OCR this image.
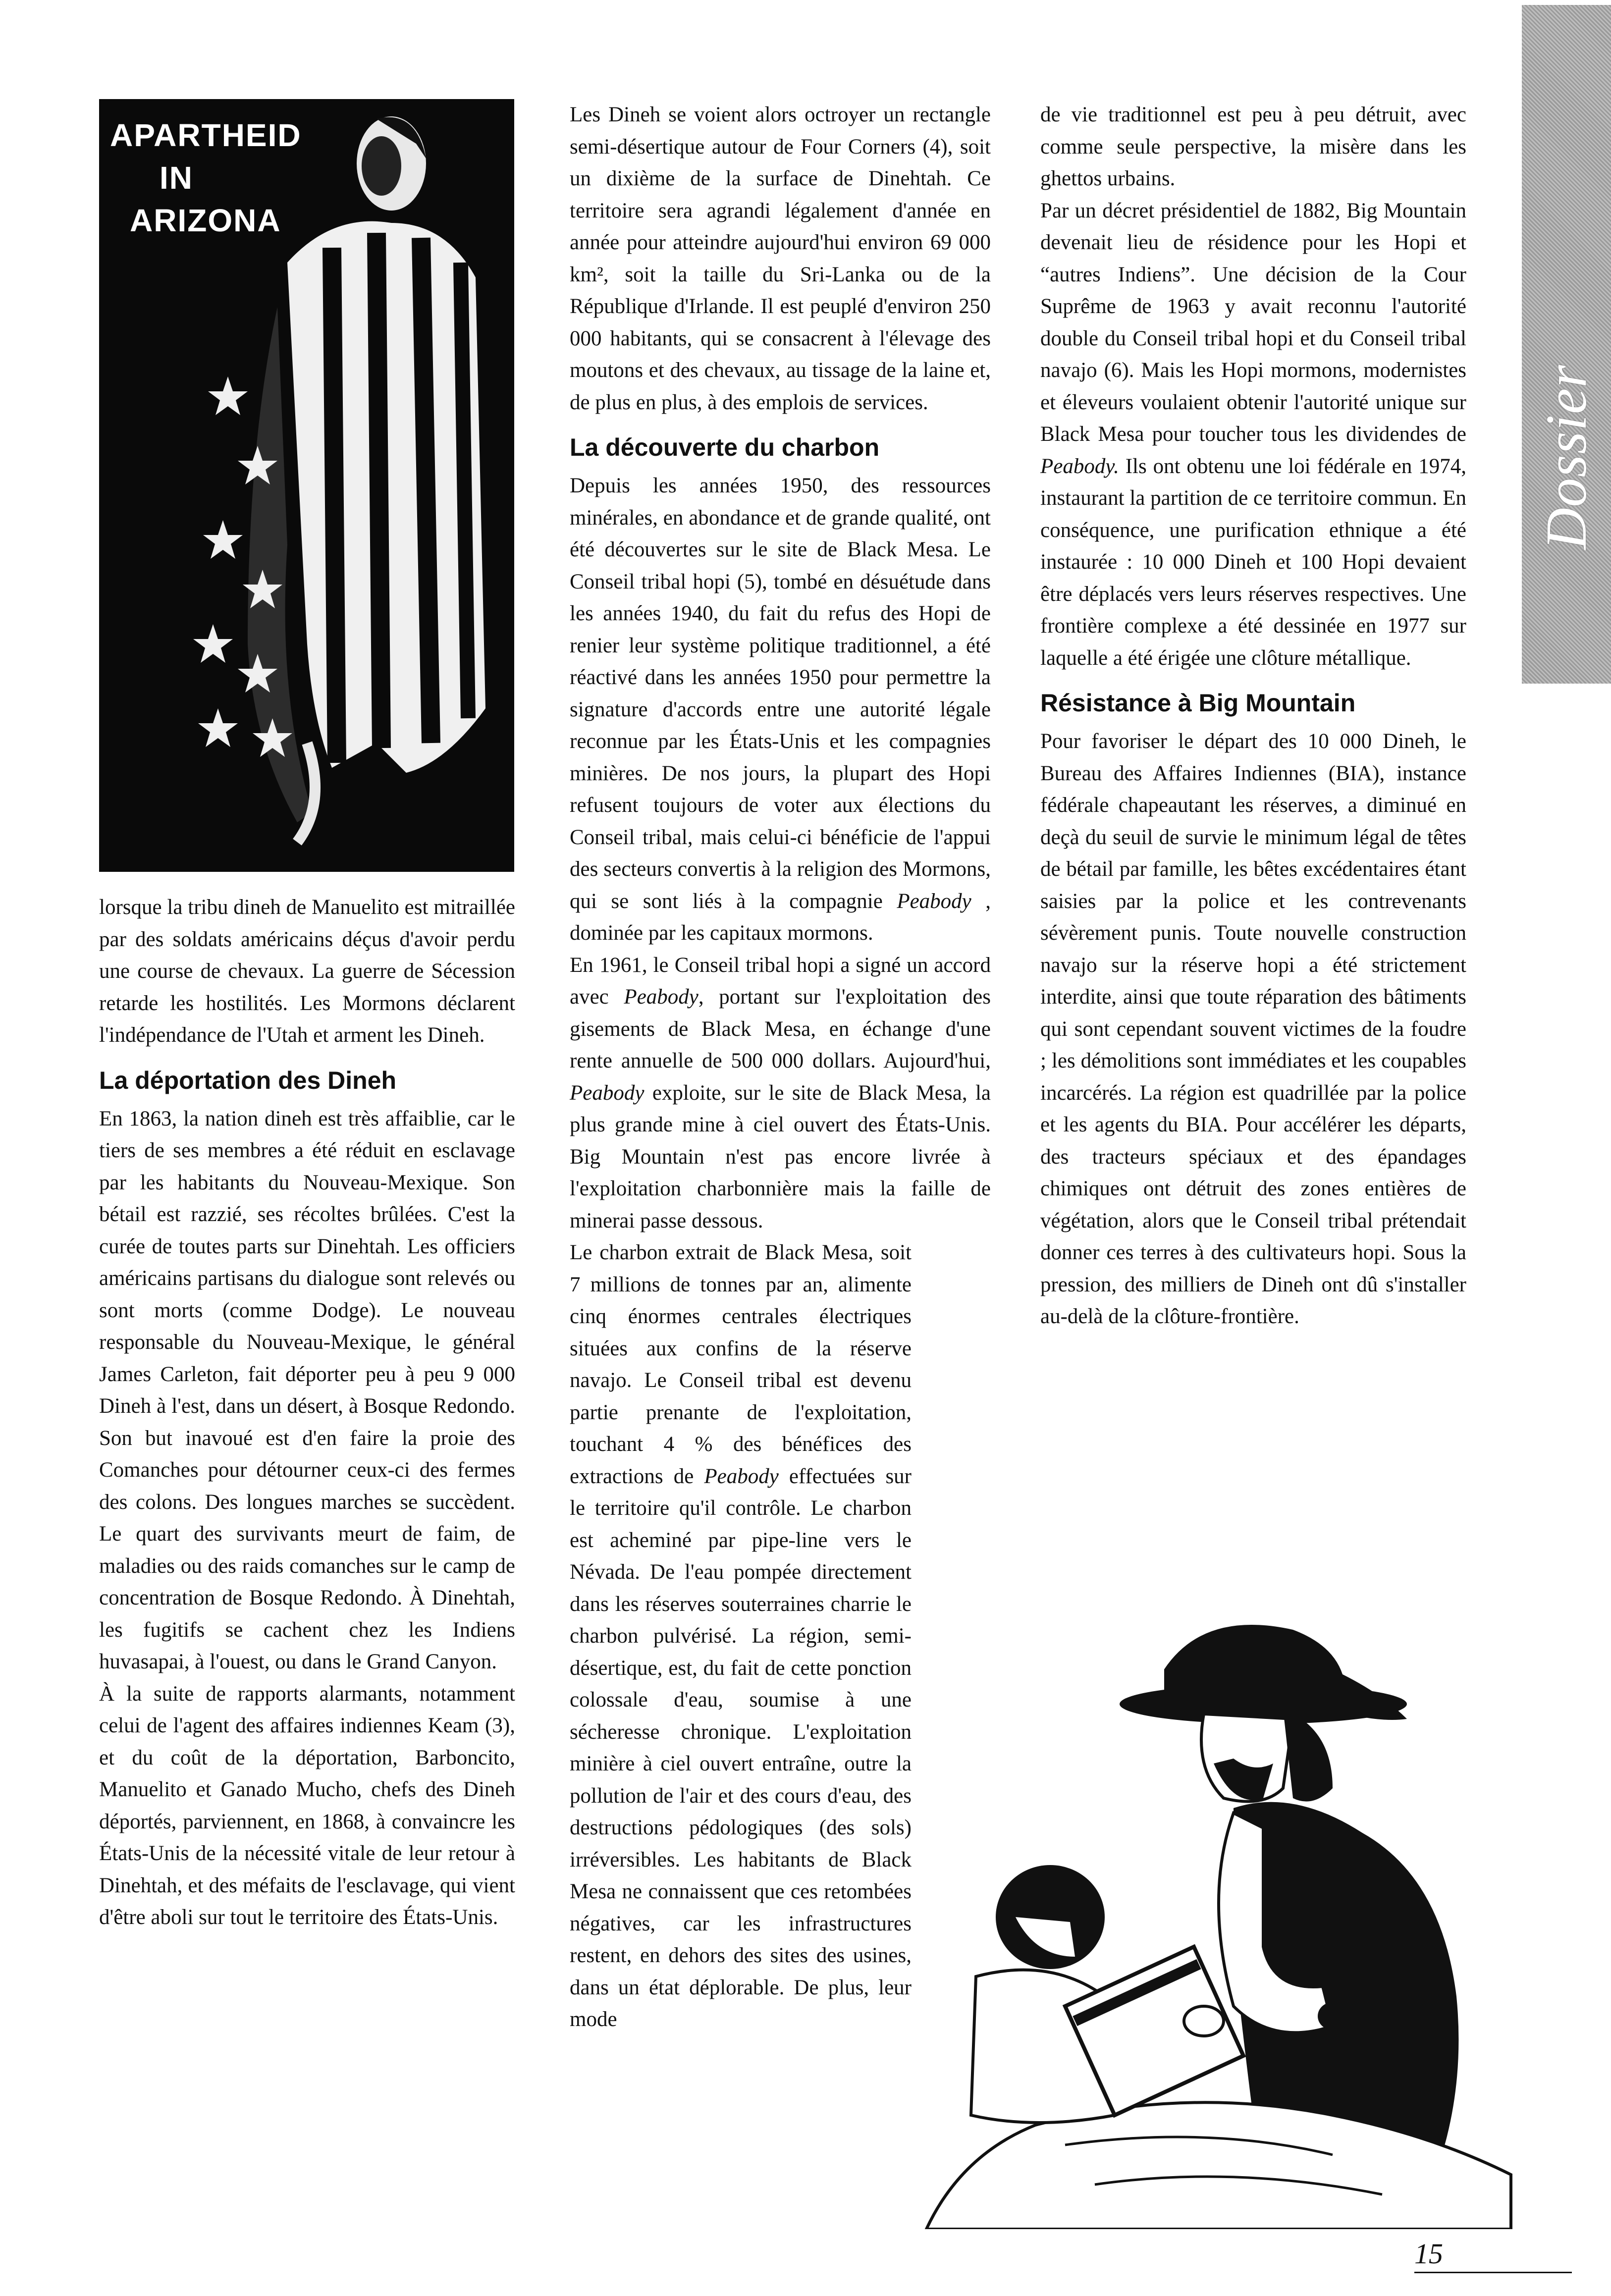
APARTHEID
IN
ARIZONA
Dossier

lorsque la tribu dineh de Manuelito est mitraillée par des soldats américains déçus d'avoir perdu une course de chevaux. La guerre de Sécession retarde les hostilités. Les Mormons déclarent l'indépendance de l'Utah et arment les Dineh.

La déportation des Dineh

En 1863, la nation dineh est très affaiblie, car le tiers de ses membres a été réduit en esclavage par les habitants du Nouveau-Mexique. Son bétail est razzié, ses récoltes brûlées. C'est la curée de toutes parts sur Dinehtah. Les officiers américains partisans du dialogue sont relevés ou sont morts (comme Dodge). Le nouveau responsable du Nouveau-Mexique, le général James Carleton, fait déporter peu à peu 9 000 Dineh à l'est, dans un désert, à Bosque Redondo. Son but inavoué est d'en faire la proie des Comanches pour détourner ceux-ci des fermes des colons. Des longues marches se succèdent. Le quart des survivants meurt de faim, de maladies ou des raids comanches sur le camp de concentration de Bosque Redondo. À Dinehtah, les fugitifs se cachent chez les Indiens huvasapai, à l'ouest, ou dans le Grand Canyon.

À la suite de rapports alarmants, notamment celui de l'agent des affaires indiennes Keam (3), et du coût de la déportation, Barboncito, Manuelito et Ganado Mucho, chefs des Dineh déportés, parviennent, en 1868, à convaincre les États-Unis de la nécessité vitale de leur retour à Dinehtah, et des méfaits de l'esclavage, qui vient d'être aboli sur tout le territoire des États-Unis.

Les Dineh se voient alors octroyer un rectangle semi-désertique autour de Four Corners (4), soit un dixième de la surface de Dinehtah. Ce territoire sera agrandi légalement d'année en année pour atteindre aujourd'hui environ 69 000 km², soit la taille du Sri-Lanka ou de la République d'Irlande. Il est peuplé d'environ 250 000 habitants, qui se consacrent à l'élevage des moutons et des chevaux, au tissage de la laine et, de plus en plus, à des emplois de services.

La découverte du charbon

Depuis les années 1950, des ressources minérales, en abondance et de grande qualité, ont été découvertes sur le site de Black Mesa. Le Conseil tribal hopi (5), tombé en désuétude dans les années 1940, du fait du refus des Hopi de renier leur système politique traditionnel, a été réactivé dans les années 1950 pour permettre la signature d'accords entre une autorité légale reconnue par les États-Unis et les compagnies minières. De nos jours, la plupart des Hopi refusent toujours de voter aux élections du Conseil tribal, mais celui-ci bénéficie de l'appui des secteurs convertis à la religion des Mormons, qui se sont liés à la compagnie Peabody , dominée par les capitaux mormons.

En 1961, le Conseil tribal hopi a signé un accord avec Peabody, portant sur l'exploitation des gisements de Black Mesa, en échange d'une rente annuelle de 500 000 dollars. Aujourd'hui, Peabody exploite, sur le site de Black Mesa, la plus grande mine à ciel ouvert des États-Unis. Big Mountain n'est pas encore livrée à l'exploitation charbonnière mais la faille de minerai passe dessous.

Le charbon extrait de Black Mesa, soit 7 millions de tonnes par an, alimente cinq énormes centrales électriques situées aux confins de la réserve navajo. Le Conseil tribal est devenu partie prenante de l'exploitation, touchant 4 % des bénéfices des extractions de Peabody effectuées sur le territoire qu'il contrôle. Le charbon est acheminé par pipe-line vers le Névada. De l'eau pompée directement dans les réserves souterraines charrie le charbon pulvérisé. La région, semi-désertique, est, du fait de cette ponction colossale d'eau, soumise à une sécheresse chronique. L'exploitation minière à ciel ouvert entraîne, outre la pollution de l'air et des cours d'eau, des destructions pédologiques (des sols) irréversibles. Les habitants de Black Mesa ne connaissent que ces retombées négatives, car les infrastructures restent, en dehors des sites des usines, dans un état déplorable. De plus, leur mode

de vie traditionnel est peu à peu détruit, avec comme seule perspective, la misère dans les ghettos urbains.

Par un décret présidentiel de 1882, Big Mountain devenait lieu de résidence pour les Hopi et “autres Indiens”. Une décision de la Cour Suprême de 1963 y avait reconnu l'autorité double du Conseil tribal hopi et du Conseil tribal navajo (6). Mais les Hopi mormons, modernistes et éleveurs voulaient obtenir l'autorité unique sur Black Mesa pour toucher tous les dividendes de Peabody. Ils ont obtenu une loi fédérale en 1974, instaurant la partition de ce territoire commun. En conséquence, une purification ethnique a été instaurée : 10 000 Dineh et 100 Hopi devaient être déplacés vers leurs réserves respectives. Une frontière complexe a été dessinée en 1977 sur laquelle a été érigée une clôture métallique.

Résistance à Big Mountain

Pour favoriser le départ des 10 000 Dineh, le Bureau des Affaires Indiennes (BIA), instance fédérale chapeautant les réserves, a diminué en deçà du seuil de survie le minimum légal de têtes de bétail par famille, les bêtes excédentaires étant saisies par la police et les contrevenants sévèrement punis. Toute nouvelle construction navajo sur la réserve hopi a été strictement interdite, ainsi que toute réparation des bâtiments qui sont cependant souvent victimes de la foudre ; les démolitions sont immédiates et les coupables incarcérés. La région est quadrillée par la police et les agents du BIA. Pour accélérer les départs, des tracteurs spéciaux et des épandages chimiques ont détruit des zones entières de végétation, alors que le Conseil tribal prétendait donner ces terres à des cultivateurs hopi. Sous la pression, des milliers de Dineh ont dû s'installer au-delà de la clôture-frontière.

15
